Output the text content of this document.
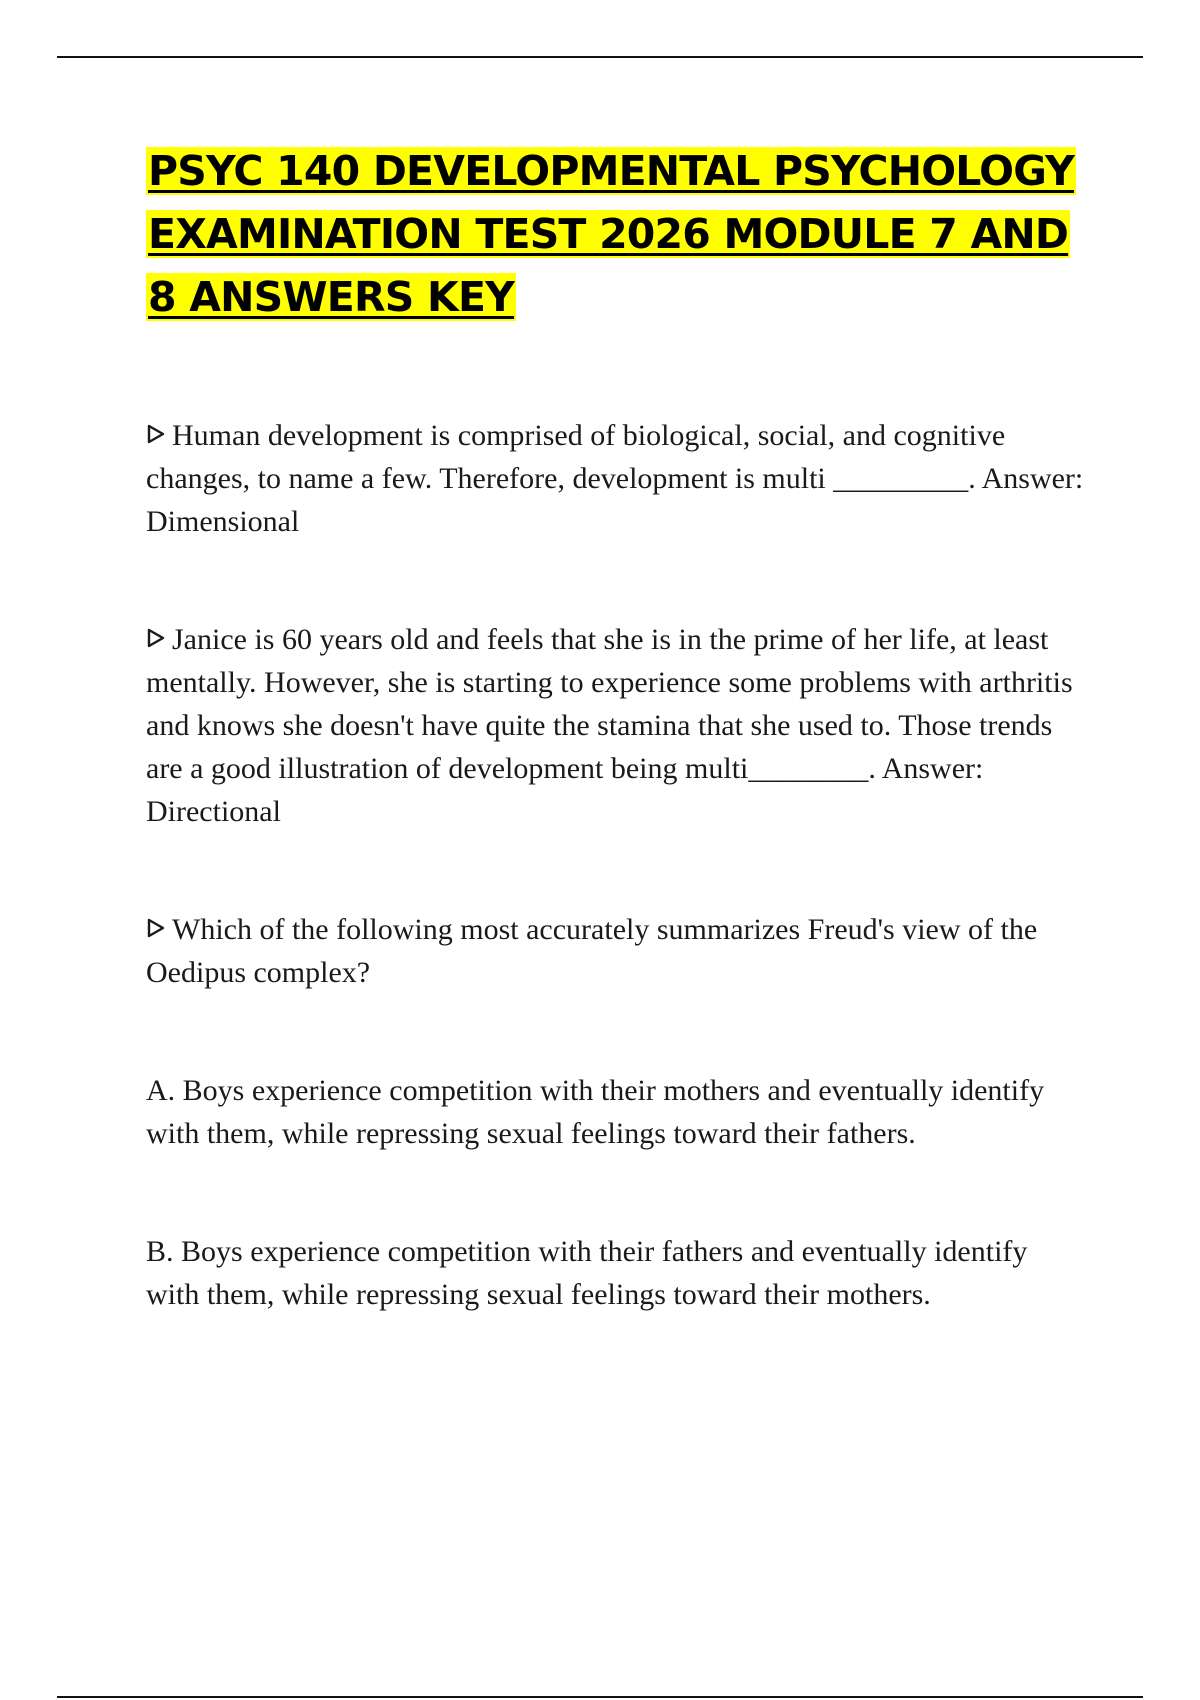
PSYC 140 DEVELOPMENTAL PSYCHOLOGY EXAMINATION TEST 2026 MODULE 7 AND 8 ANSWERS KEY

Human development is comprised of biological, social, and cognitive changes, to name a few. Therefore, development is multi _________. Answer: Dimensional

Janice is 60 years old and feels that she is in the prime of her life, at least mentally. However, she is starting to experience some problems with arthritis and knows she doesn't have quite the stamina that she used to. Those trends are a good illustration of development being multi________. Answer: Directional

Which of the following most accurately summarizes Freud's view of the Oedipus complex?

A. Boys experience competition with their mothers and eventually identify with them, while repressing sexual feelings toward their fathers.

B. Boys experience competition with their fathers and eventually identify with them, while repressing sexual feelings toward their mothers.
